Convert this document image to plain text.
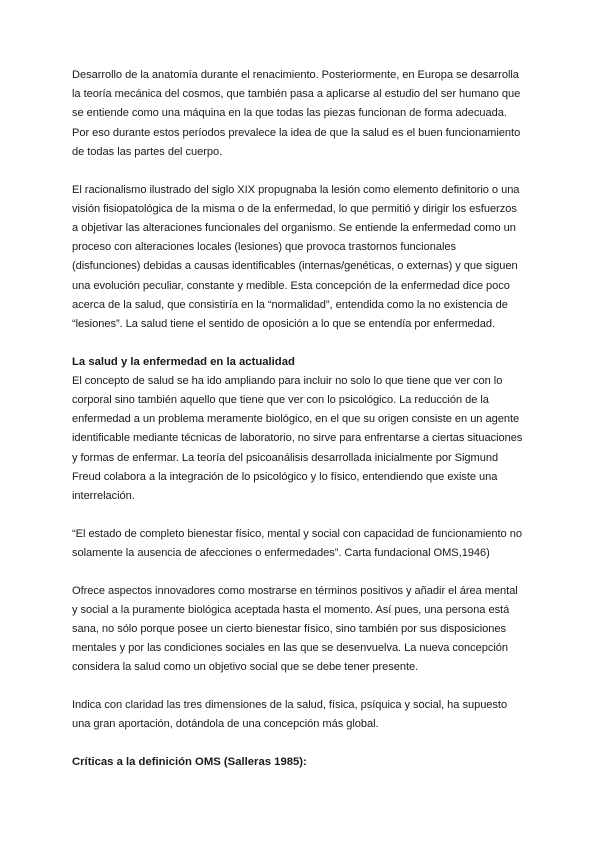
Desarrollo de la anatomía durante el renacimiento. Posteriormente, en Europa se desarrolla
la teoría mecánica del cosmos, que también pasa a aplicarse al estudio del ser humano que
se entiende como una máquina en la que todas las piezas funcionan de forma adecuada.
Por eso durante estos períodos prevalece la idea de que la salud es el buen funcionamiento
de todas las partes del cuerpo.

El racionalismo ilustrado del siglo XIX propugnaba la lesión como elemento definitorio o una
visión fisiopatológica de la misma o de la enfermedad, lo que permitió y dirigir los esfuerzos
a objetivar las alteraciones funcionales del organismo. Se entiende la enfermedad como un
proceso con alteraciones locales (lesiones) que provoca trastornos funcionales
(disfunciones) debidas a causas identificables (internas/genéticas, o externas) y que siguen
una evolución peculiar, constante y medible. Esta concepción de la enfermedad dice poco
acerca de la salud, que consistiría en la “normalidad”, entendida como la no existencia de
“lesiones”. La salud tiene el sentido de oposición a lo que se entendía por enfermedad.

La salud y la enfermedad en la actualidad

El concepto de salud se ha ido ampliando para incluir no solo lo que tiene que ver con lo
corporal sino también aquello que tiene que ver con lo psicológico. La reducción de la
enfermedad a un problema meramente biológico, en el que su origen consiste en un agente
identificable mediante técnicas de laboratorio, no sirve para enfrentarse a ciertas situaciones
y formas de enfermar. La teoría del psicoanálisis desarrollada inicialmente por Sigmund
Freud colabora a la integración de lo psicológico y lo físico, entendiendo que existe una
interrelación.

“El estado de completo bienestar físico, mental y social con capacidad de funcionamiento no
solamente la ausencia de afecciones o enfermedades”. Carta fundacional OMS,1946)

Ofrece aspectos innovadores como mostrarse en términos positivos y añadir el área mental
y social a la puramente biológica aceptada hasta el momento. Así pues, una persona está
sana, no sólo porque posee un cierto bienestar físico, sino también por sus disposiciones
mentales y por las condiciones sociales en las que se desenvuelva. La nueva concepción
considera la salud como un objetivo social que se debe tener presente.

Indica con claridad las tres dimensiones de la salud, física, psíquica y social, ha supuesto
una gran aportación, dotándola de una concepción más global.

Críticas a la definición OMS (Salleras 1985):
